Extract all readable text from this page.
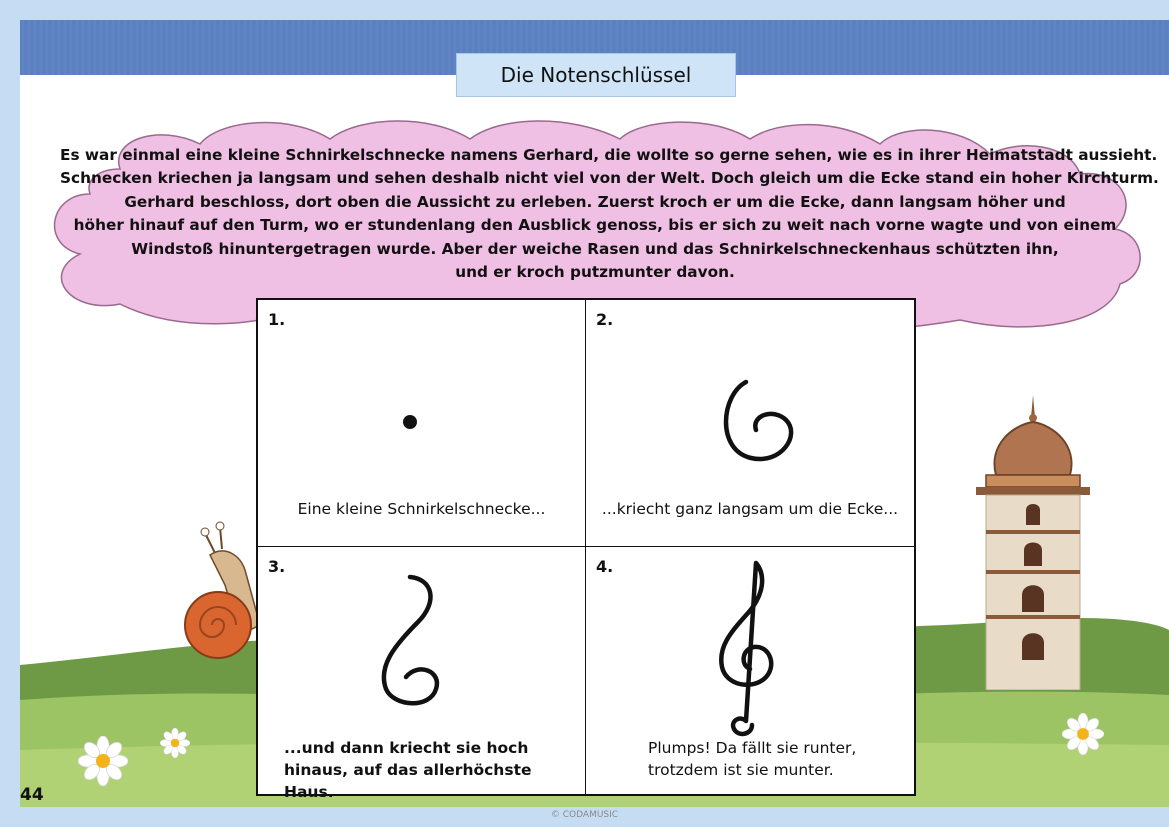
Die Notenschlüssel
Es war einmal eine kleine Schnirkelschnecke namens Gerhard, die wollte so gerne sehen, wie es in ihrer Heimatstadt aussieht.
Schnecken kriechen ja langsam und sehen deshalb nicht viel von der Welt. Doch gleich um die Ecke stand ein hoher Kirchturm.
Gerhard beschloss, dort oben die Aussicht zu erleben. Zuerst kroch er um die Ecke, dann langsam höher und
höher hinauf auf den Turm, wo er stundenlang den Ausblick genoss, bis er sich zu weit nach vorne wagte und von einem
Windstoß hinuntergetragen wurde. Aber der weiche Rasen und das Schnirkelschneckenhaus schützten ihn,
und er kroch putzmunter davon.
1.
Eine kleine Schnirkelschnecke...
2.
...kriecht ganz langsam um die Ecke...
3.
...und dann kriecht sie hoch
hinaus, auf das allerhöchste Haus.
4.
Plumps! Da fällt sie runter,
trotzdem ist sie munter.
44
© CODAMUSIC
